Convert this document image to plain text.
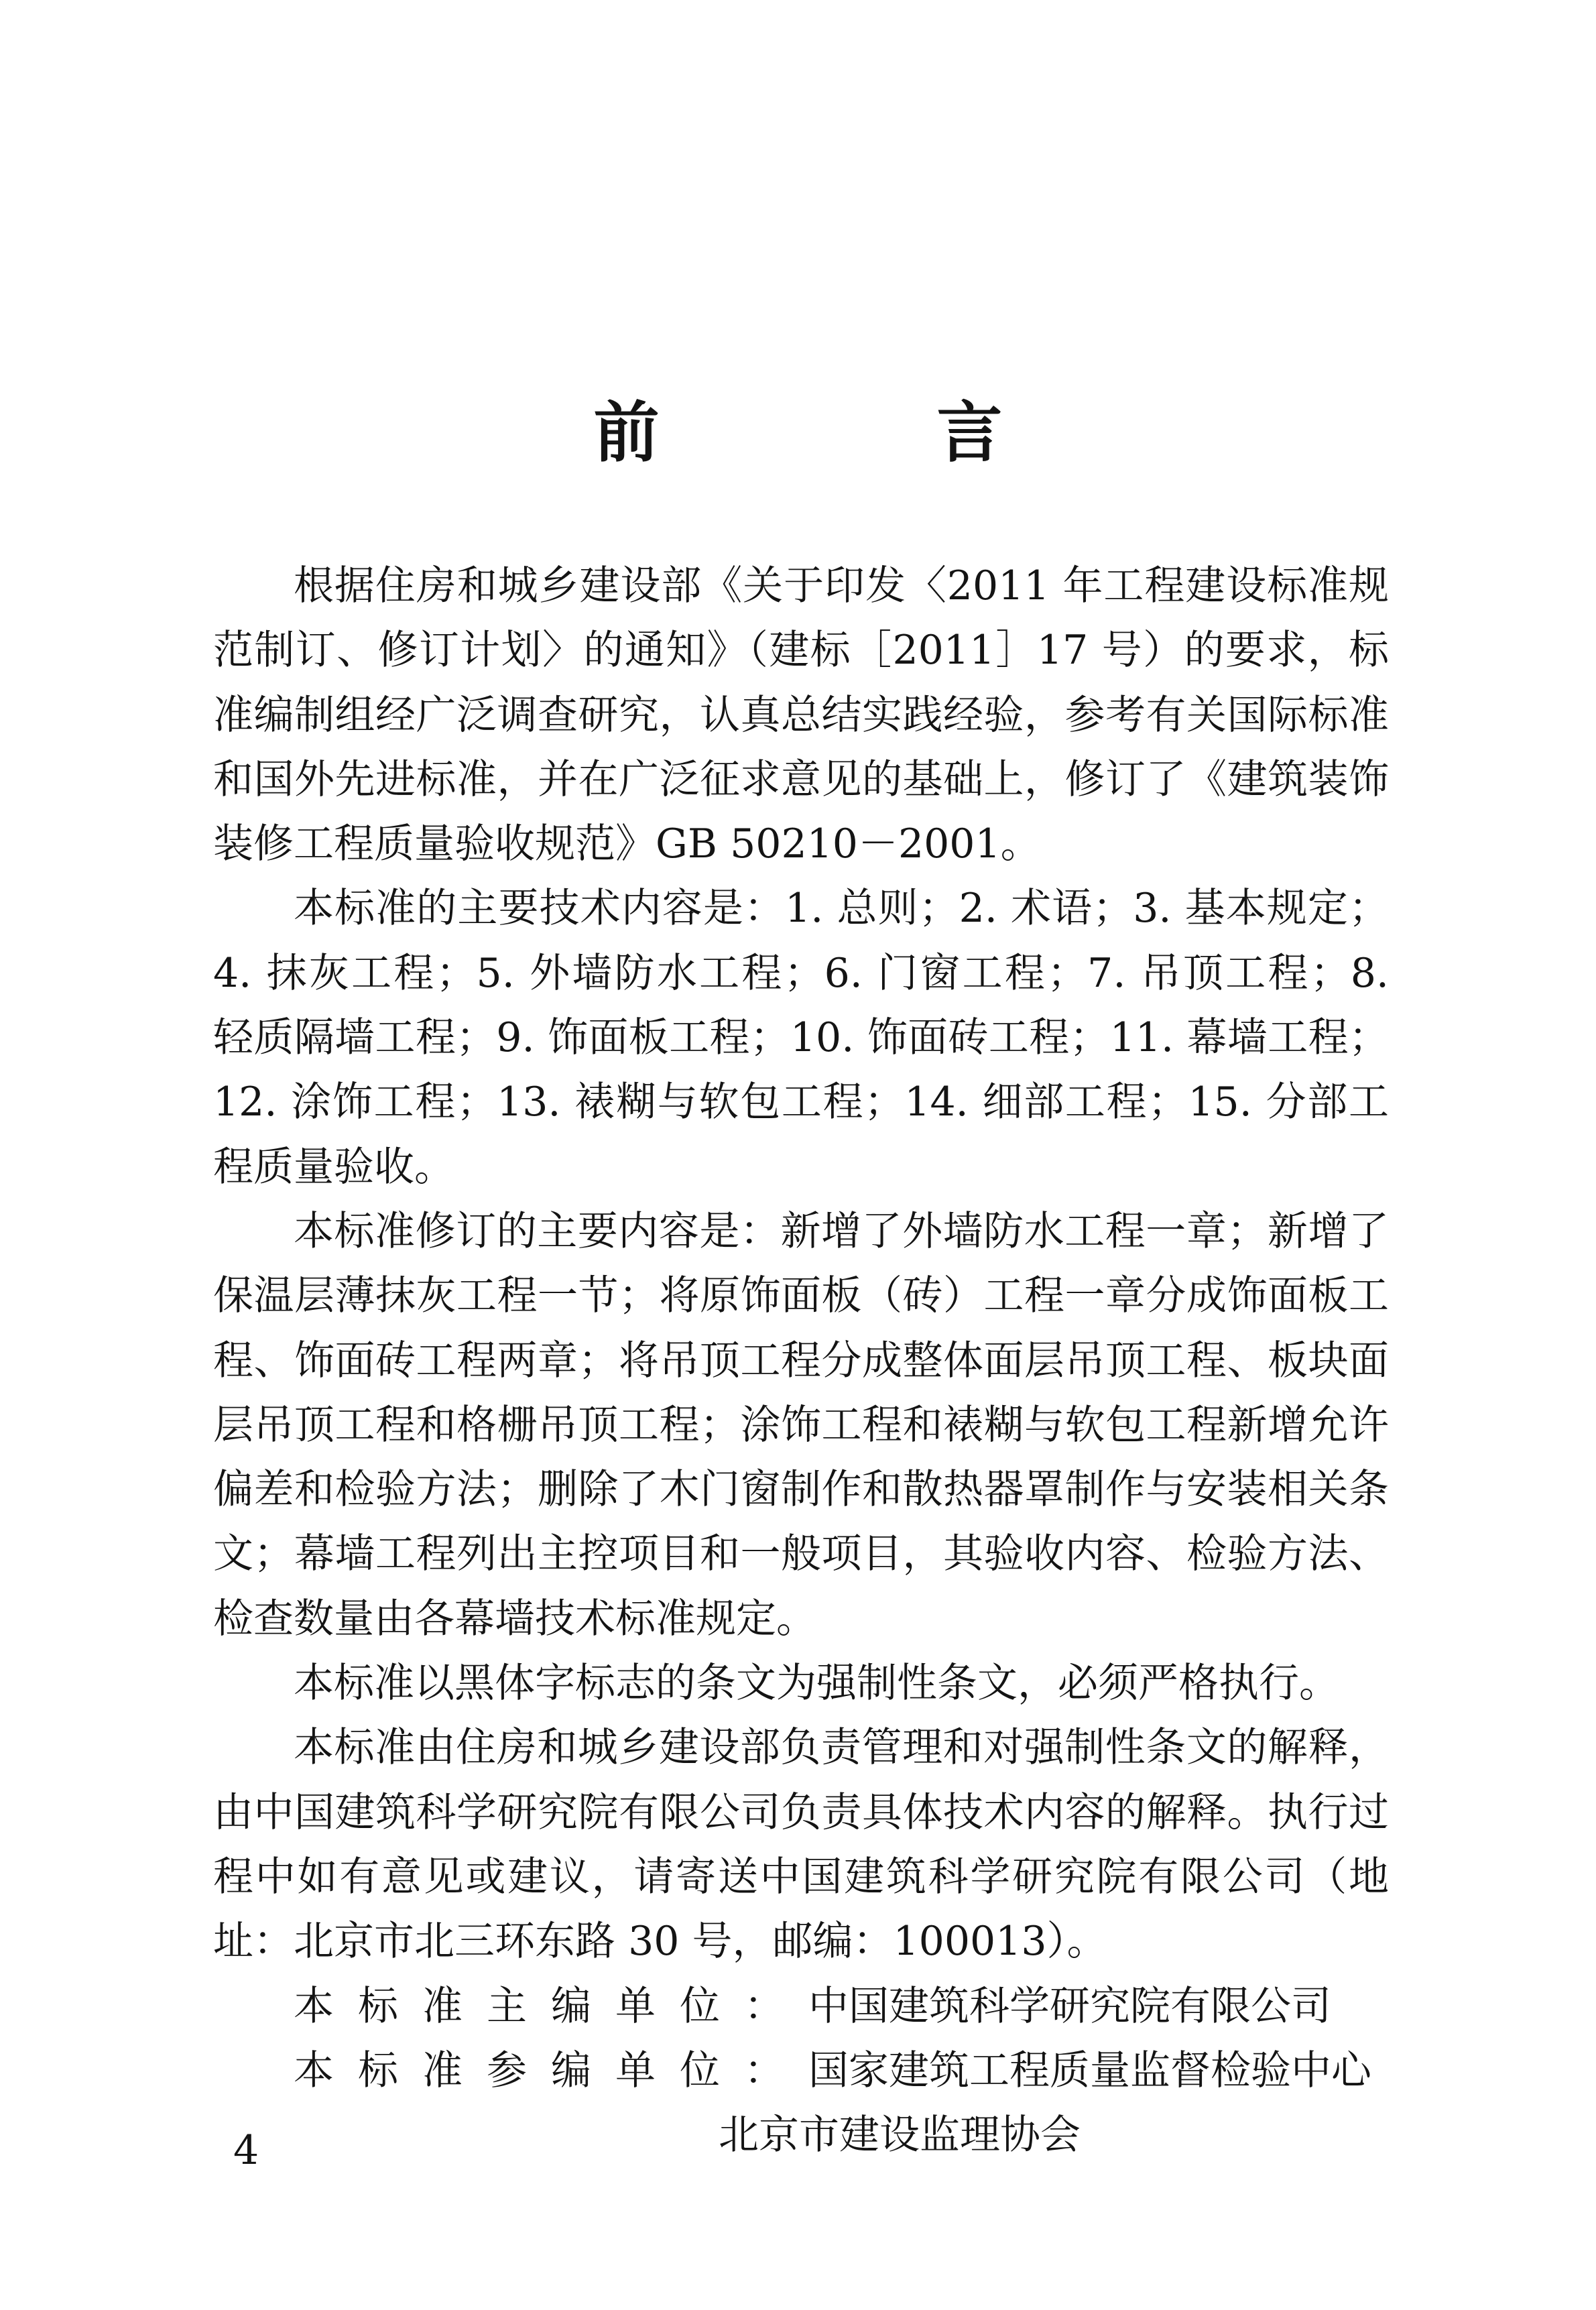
前 言

根据住房和城乡建设部《关于印发〈2011 年工程建设标准规范制订、修订计划〉的通知》（建标［2011］17 号）的要求，标准编制组经广泛调查研究，认真总结实践经验，参考有关国际标准和国外先进标准，并在广泛征求意见的基础上，修订了《建筑装饰装修工程质量验收规范》GB 50210－2001。

本标准的主要技术内容是：1. 总则；2. 术语；3. 基本规定；4. 抹灰工程；5. 外墙防水工程；6. 门窗工程；7. 吊顶工程；8. 轻质隔墙工程；9. 饰面板工程；10. 饰面砖工程；11. 幕墙工程；12. 涂饰工程；13. 裱糊与软包工程；14. 细部工程；15. 分部工程质量验收。

本标准修订的主要内容是：新增了外墙防水工程一章；新增了保温层薄抹灰工程一节；将原饰面板（砖）工程一章分成饰面板工程、饰面砖工程两章；将吊顶工程分成整体面层吊顶工程、板块面层吊顶工程和格栅吊顶工程；涂饰工程和裱糊与软包工程新增允许偏差和检验方法；删除了木门窗制作和散热器罩制作与安装相关条文；幕墙工程列出主控项目和一般项目，其验收内容、检验方法、检查数量由各幕墙技术标准规定。

本标准以黑体字标志的条文为强制性条文，必须严格执行。

本标准由住房和城乡建设部负责管理和对强制性条文的解释，由中国建筑科学研究院有限公司负责具体技术内容的解释。执行过程中如有意见或建议，请寄送中国建筑科学研究院有限公司（地址：北京市北三环东路 30 号，邮编：100013）。

本标准主编单位：中国建筑科学研究院有限公司

本标准参编单位：国家建筑工程质量监督检验中心

北京市建设监理协会

4
